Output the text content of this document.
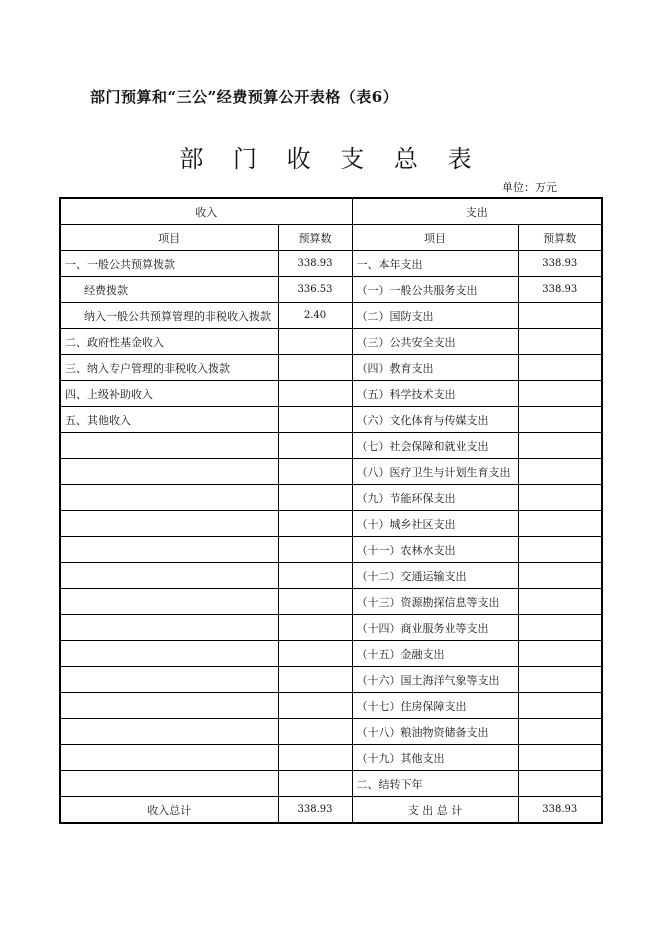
部门预算和“三公”经费预算公开表格（表6）
部 门 收 支 总 表
单位：万元
收入		支出	
项目	预算数	项目	预算数
一、一般公共预算拨款	338.93	一、本年支出	338.93
经费拨款	336.53	（一）一般公共服务支出	338.93
纳入一般公共预算管理的非税收入拨款	2.40	（二）国防支出	
二、政府性基金收入		（三）公共安全支出	
三、纳入专户管理的非税收入拨款		（四）教育支出	
四、上级补助收入		（五）科学技术支出	
五、其他收入		（六）文化体育与传媒支出	
		（七）社会保障和就业支出	
		（八）医疗卫生与计划生育支出	
		（九）节能环保支出	
		（十）城乡社区支出	
		（十一）农林水支出	
		（十二）交通运输支出	
		（十三）资源勘探信息等支出	
		（十四）商业服务业等支出	
		（十五）金融支出	
		（十六）国土海洋气象等支出	
		（十七）住房保障支出	
		（十八）粮油物资储备支出	
		（十九）其他支出	
		二、结转下年	
收入总计	338.93	支 出 总 计	338.93
